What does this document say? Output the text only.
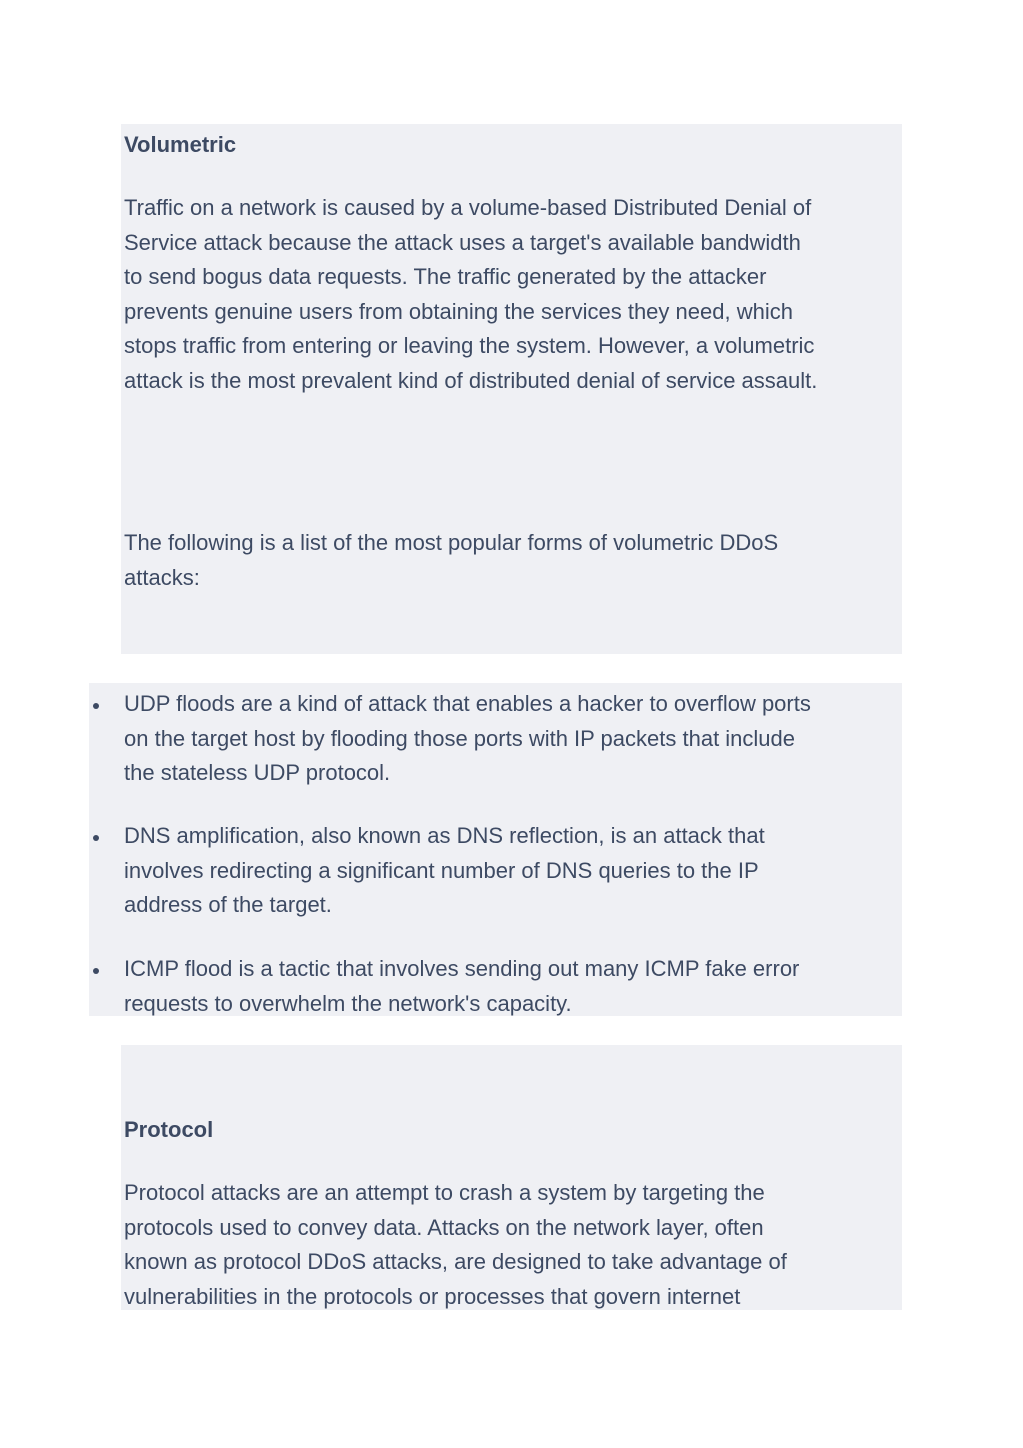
Volumetric
Traffic on a network is caused by a volume-based Distributed Denial of
Service attack because the attack uses a target's available bandwidth
to send bogus data requests. The traffic generated by the attacker
prevents genuine users from obtaining the services they need, which
stops traffic from entering or leaving the system. However, a volumetric
attack is the most prevalent kind of distributed denial of service assault.
The following is a list of the most popular forms of volumetric DDoS
attacks:
UDP floods are a kind of attack that enables a hacker to overflow ports
on the target host by flooding those ports with IP packets that include
the stateless UDP protocol.
DNS amplification, also known as DNS reflection, is an attack that
involves redirecting a significant number of DNS queries to the IP
address of the target.
ICMP flood is a tactic that involves sending out many ICMP fake error
requests to overwhelm the network's capacity.
Protocol
Protocol attacks are an attempt to crash a system by targeting the
protocols used to convey data. Attacks on the network layer, often
known as protocol DDoS attacks, are designed to take advantage of
vulnerabilities in the protocols or processes that govern internet
